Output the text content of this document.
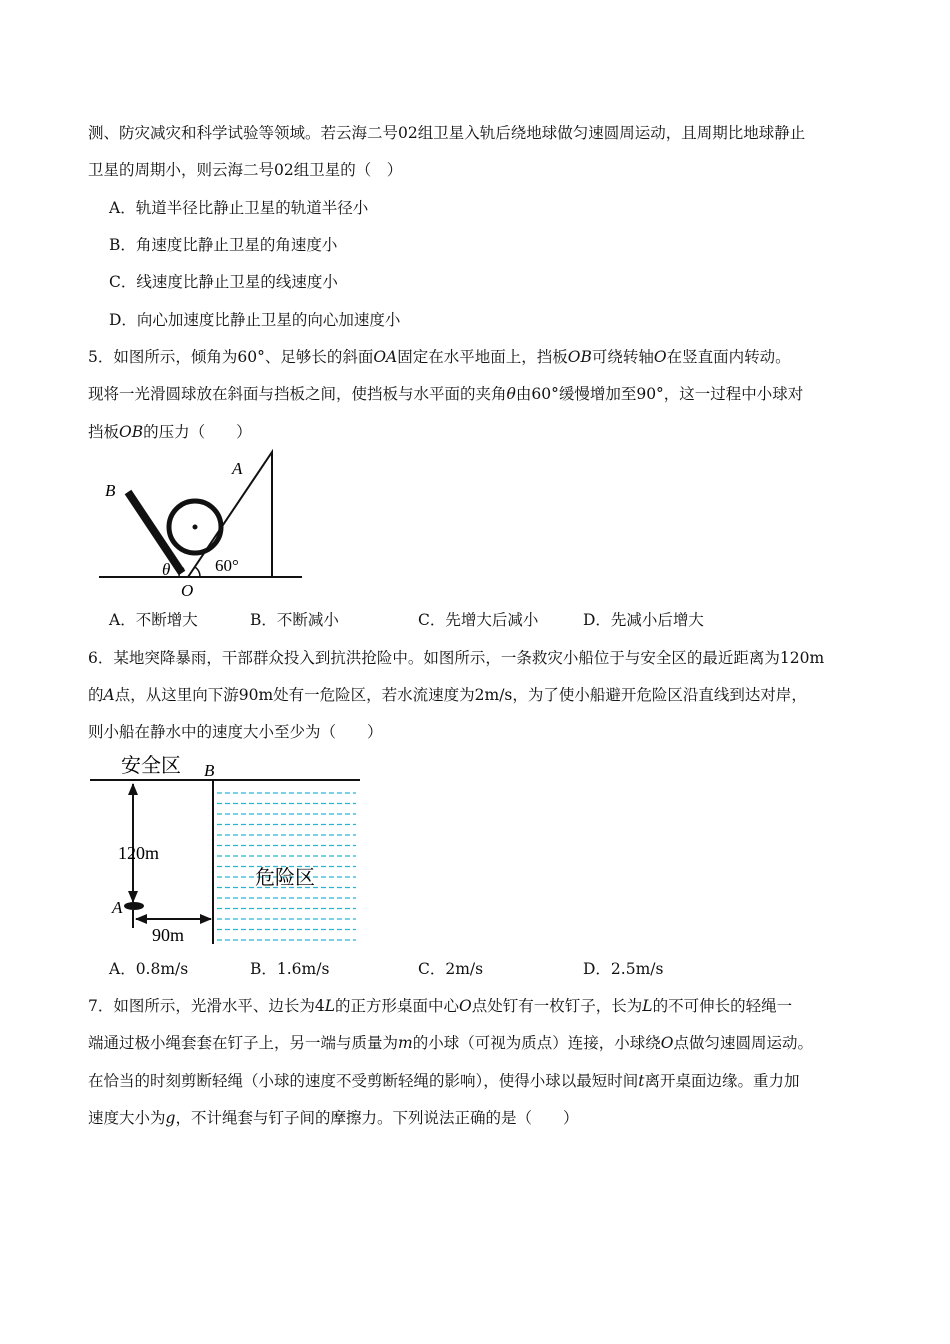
测、防灾减灾和科学试验等领域。若云海二号02组卫星入轨后绕地球做匀速圆周运动，且周期比地球静止
卫星的周期小，则云海二号02组卫星的（　）
A．轨道半径比静止卫星的轨道半径小
B．角速度比静止卫星的角速度小
C．线速度比静止卫星的线速度小
D．向心加速度比静止卫星的向心加速度小
5．如图所示，倾角为60°、足够长的斜面OA固定在水平地面上，挡板OB可绕转轴O在竖直面内转动。
现将一光滑圆球放在斜面与挡板之间，使挡板与水平面的夹角θ由60°缓慢增加至90°，这一过程中小球对
挡板OB的压力（　　）
B
A
θ	60°
O
A．不断增大	B．不断减小	C．先增大后减小	D．先减小后增大
6．某地突降暴雨，干部群众投入到抗洪抢险中。如图所示，一条救灾小船位于与安全区的最近距离为120m
的A点，从这里向下游90m处有一危险区，若水流速度为2m/s，为了使小船避开危险区沿直线到达对岸，
则小船在静水中的速度大小至少为（　　）
安全区 B
120m
危险区
A
90m
A．0.8m/s	B．1.6m/s	C．2m/s	D．2.5m/s
7．如图所示，光滑水平、边长为4L的正方形桌面中心O点处钉有一枚钉子，长为L的不可伸长的轻绳一
端通过极小绳套套在钉子上，另一端与质量为m的小球（可视为质点）连接，小球绕O点做匀速圆周运动。
在恰当的时刻剪断轻绳（小球的速度不受剪断轻绳的影响），使得小球以最短时间t离开桌面边缘。重力加
速度大小为g，不计绳套与钉子间的摩擦力。下列说法正确的是（　　）
